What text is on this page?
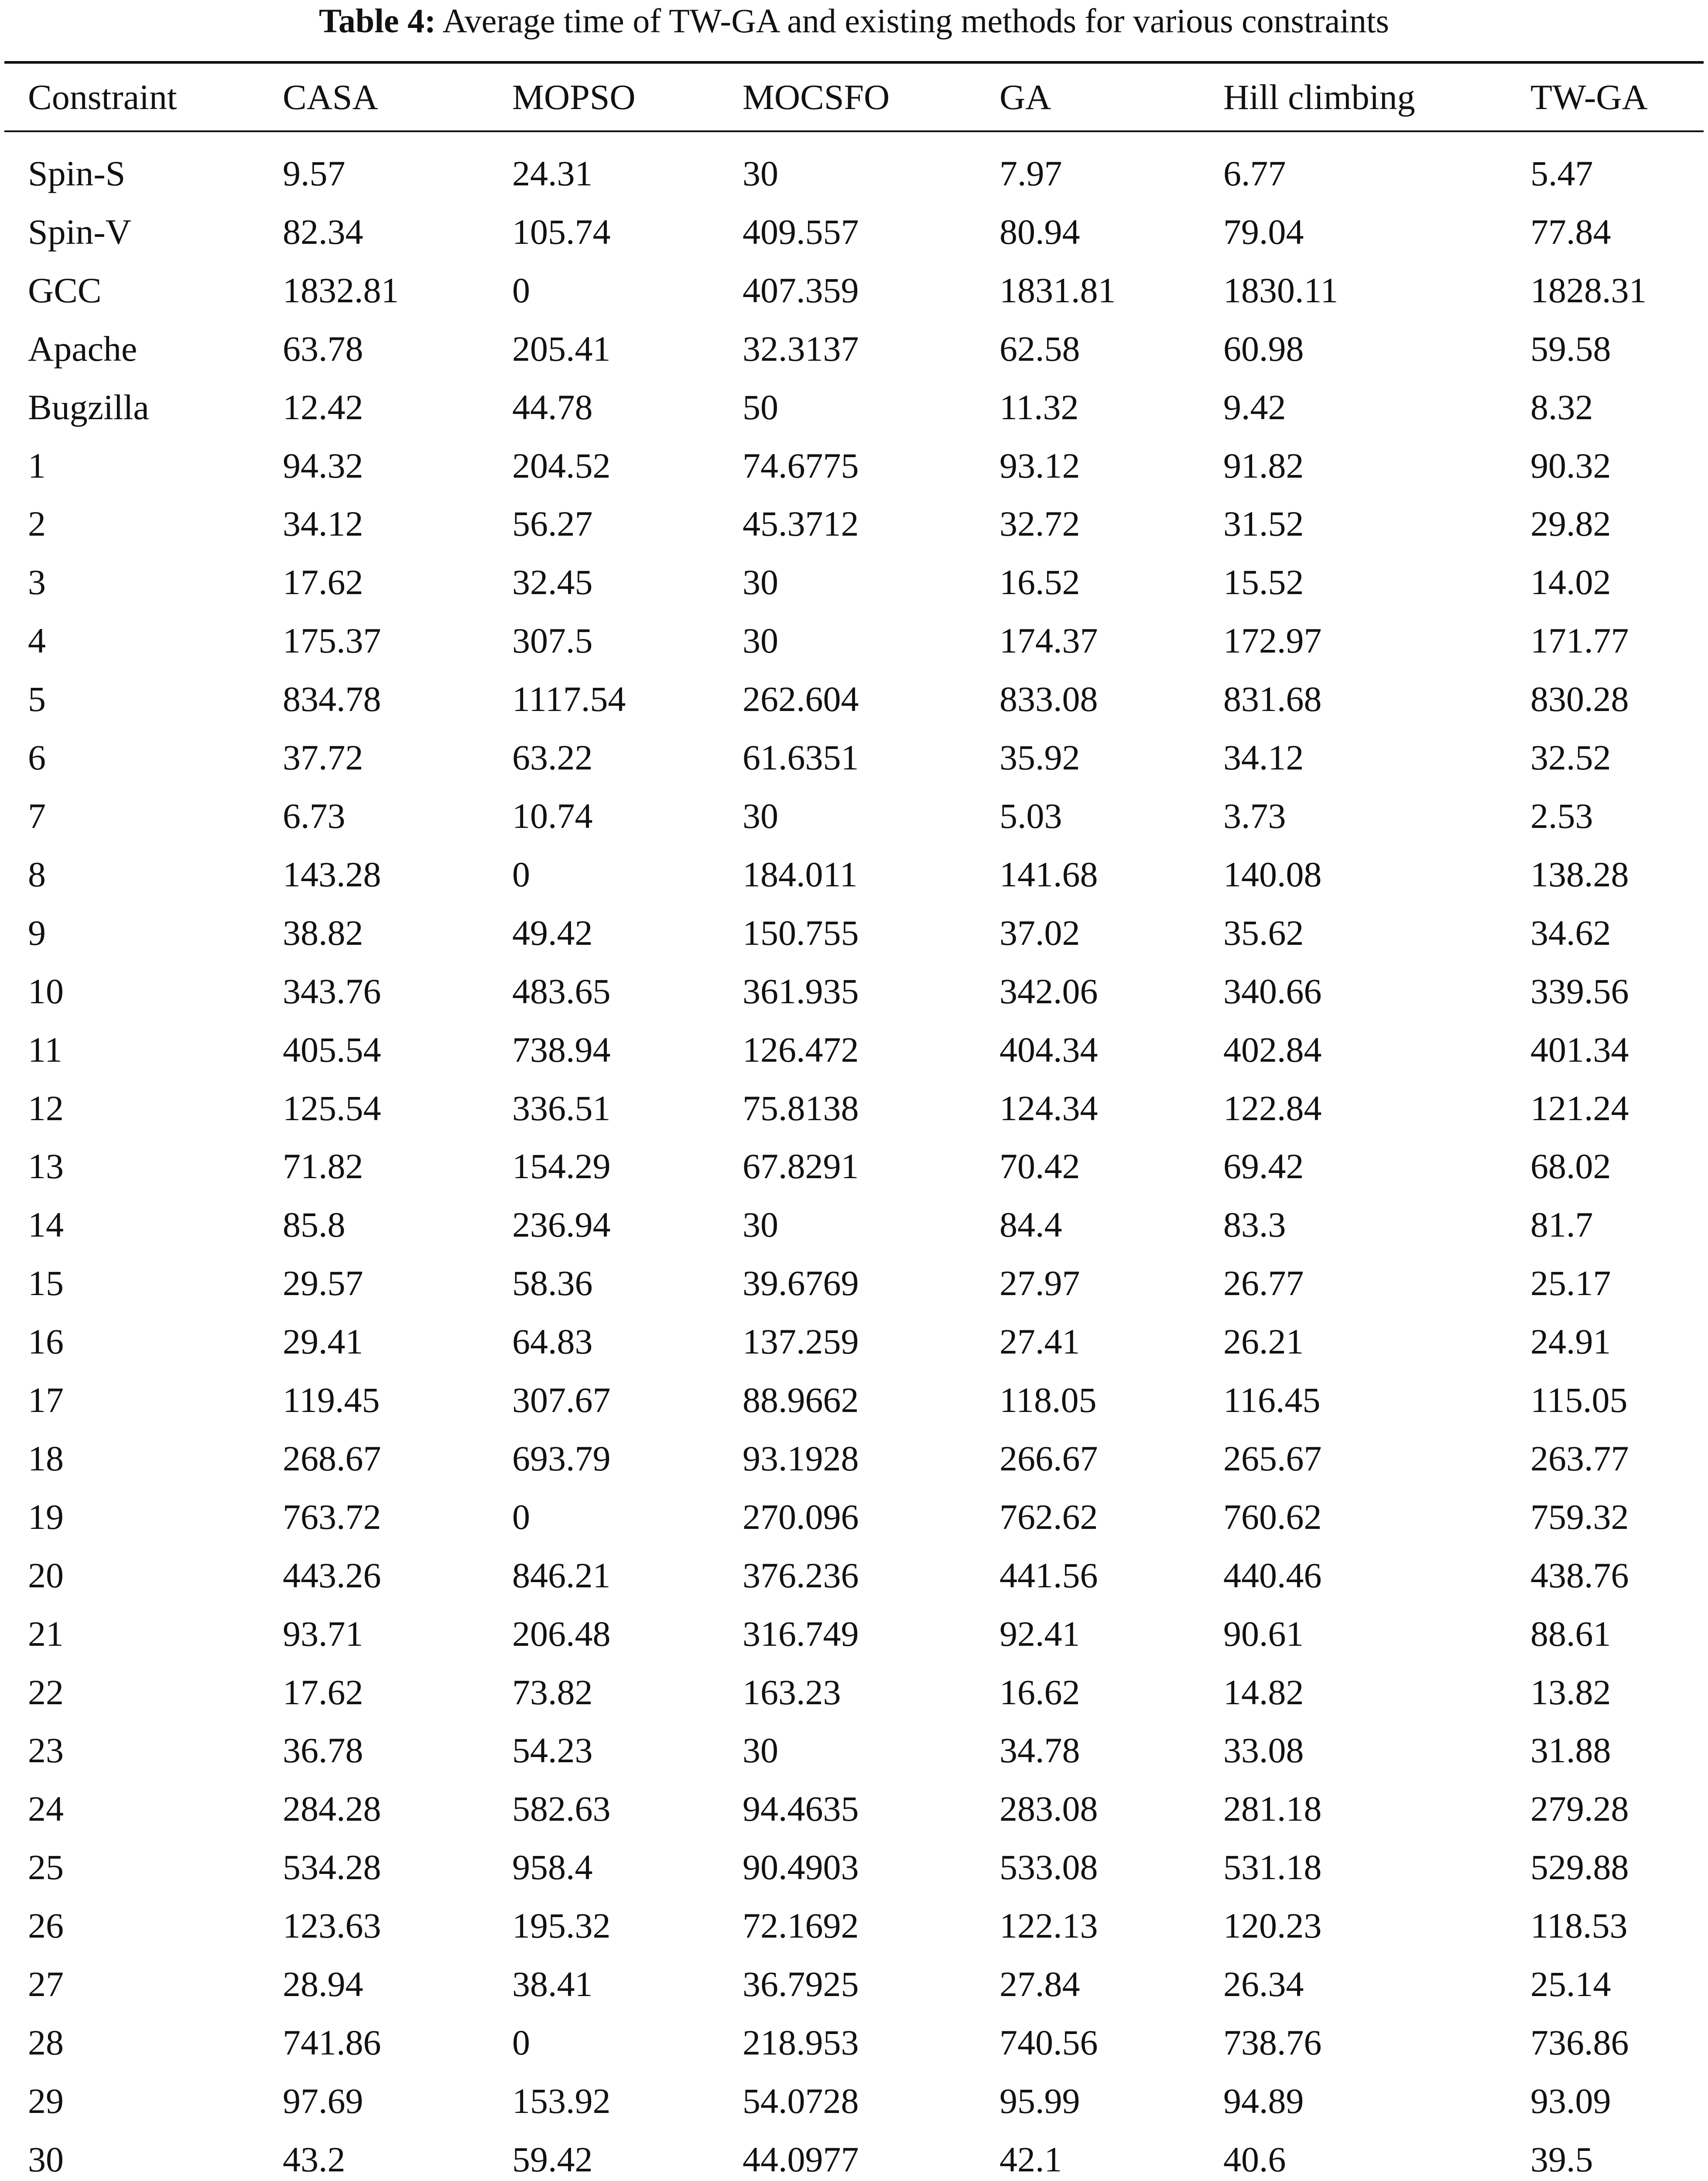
Table 4: Average time of TW-GA and existing methods for various constraints
Constraint	CASA	MOPSO	MOCSFO	GA	Hill climbing	TW-GA

Spin-S	9.57	24.31	30	7.97	6.77	5.47
Spin-V	82.34	105.74	409.557	80.94	79.04	77.84
GCC	1832.81	0	407.359	1831.81	1830.11	1828.31
Apache	63.78	205.41	32.3137	62.58	60.98	59.58
Bugzilla	12.42	44.78	50	11.32	9.42	8.32
1	94.32	204.52	74.6775	93.12	91.82	90.32
2	34.12	56.27	45.3712	32.72	31.52	29.82
3	17.62	32.45	30	16.52	15.52	14.02
4	175.37	307.5	30	174.37	172.97	171.77
5	834.78	1117.54	262.604	833.08	831.68	830.28
6	37.72	63.22	61.6351	35.92	34.12	32.52
7	6.73	10.74	30	5.03	3.73	2.53
8	143.28	0	184.011	141.68	140.08	138.28
9	38.82	49.42	150.755	37.02	35.62	34.62
10	343.76	483.65	361.935	342.06	340.66	339.56
11	405.54	738.94	126.472	404.34	402.84	401.34
12	125.54	336.51	75.8138	124.34	122.84	121.24
13	71.82	154.29	67.8291	70.42	69.42	68.02
14	85.8	236.94	30	84.4	83.3	81.7
15	29.57	58.36	39.6769	27.97	26.77	25.17
16	29.41	64.83	137.259	27.41	26.21	24.91
17	119.45	307.67	88.9662	118.05	116.45	115.05
18	268.67	693.79	93.1928	266.67	265.67	263.77
19	763.72	0	270.096	762.62	760.62	759.32
20	443.26	846.21	376.236	441.56	440.46	438.76
21	93.71	206.48	316.749	92.41	90.61	88.61
22	17.62	73.82	163.23	16.62	14.82	13.82
23	36.78	54.23	30	34.78	33.08	31.88
24	284.28	582.63	94.4635	283.08	281.18	279.28
25	534.28	958.4	90.4903	533.08	531.18	529.88
26	123.63	195.32	72.1692	122.13	120.23	118.53
27	28.94	38.41	36.7925	27.84	26.34	25.14
28	741.86	0	218.953	740.56	738.76	736.86
29	97.69	153.92	54.0728	95.99	94.89	93.09
30	43.2	59.42	44.0977	42.1	40.6	39.5
